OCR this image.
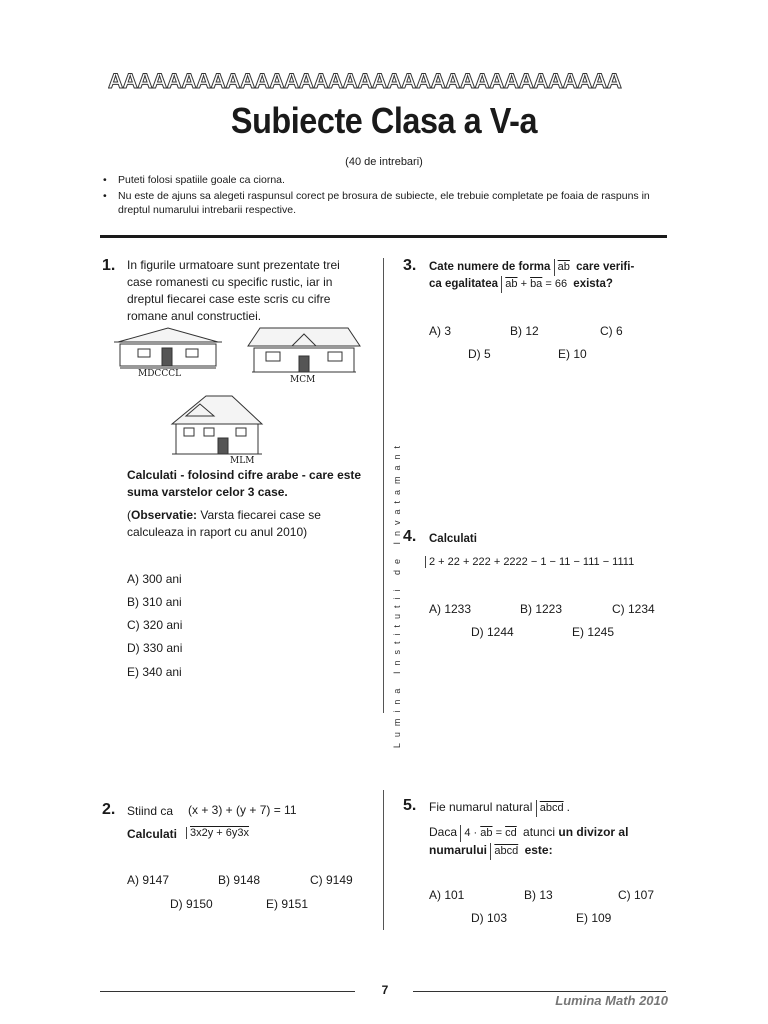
AAAAAAAAAAAAAAAAAAAAAAAAAAAAAAAAAAA
Subiecte Clasa a V-a
(40 de intrebari)
• Puteti folosi spatiile goale ca ciorna.
• Nu este de ajuns sa alegeti raspunsul corect pe brosura de subiecte, ele trebuie completate pe foaia de raspuns in dreptul numarului intrebarii respective.
Lumina Institutii de Invatamant
1. In figurile urmatoare sunt prezentate trei case romanesti cu specific rustic, iar in dreptul fiecarei case este scris cu cifre romane anul constructiei.
MDCCCL
MCM
MLM
Calculati - folosind cifre arabe - care este suma varstelor celor 3 case.
(Observatie: Varsta fiecarei case se calculeaza in raport cu anul 2010)
A) 300 ani
B) 310 ani
C) 320 ani
D) 330 ani
E) 340 ani
2. Stiind ca (x + 3) + (y + 7) = 11
Calculati	3x2y + 6y3x
A) 9147	B) 9148	C) 9149
D) 9150	E) 9151
3. Cate numere de forma $\overline{ab}$ care verifi-
ca egalitatea $\overline{ab} + \overline{ba} = 66$ exista?
A) 3	B) 12	C) 6
D) 5	E) 10
4. Calculati
2 + 22 + 222 + 2222 − 1 − 11 − 111 − 1111
A) 1233	B) 1223	C) 1234
D) 1244	E) 1245
5. Fie numarul natural abcd .
Daca $4 \cdot \overline{ab} = \overline{cd}$ atunci un divizor al
numarului abcd este:
A) 101	B) 13	C) 107
D) 103	E) 109
7
Lumina Math 2010
